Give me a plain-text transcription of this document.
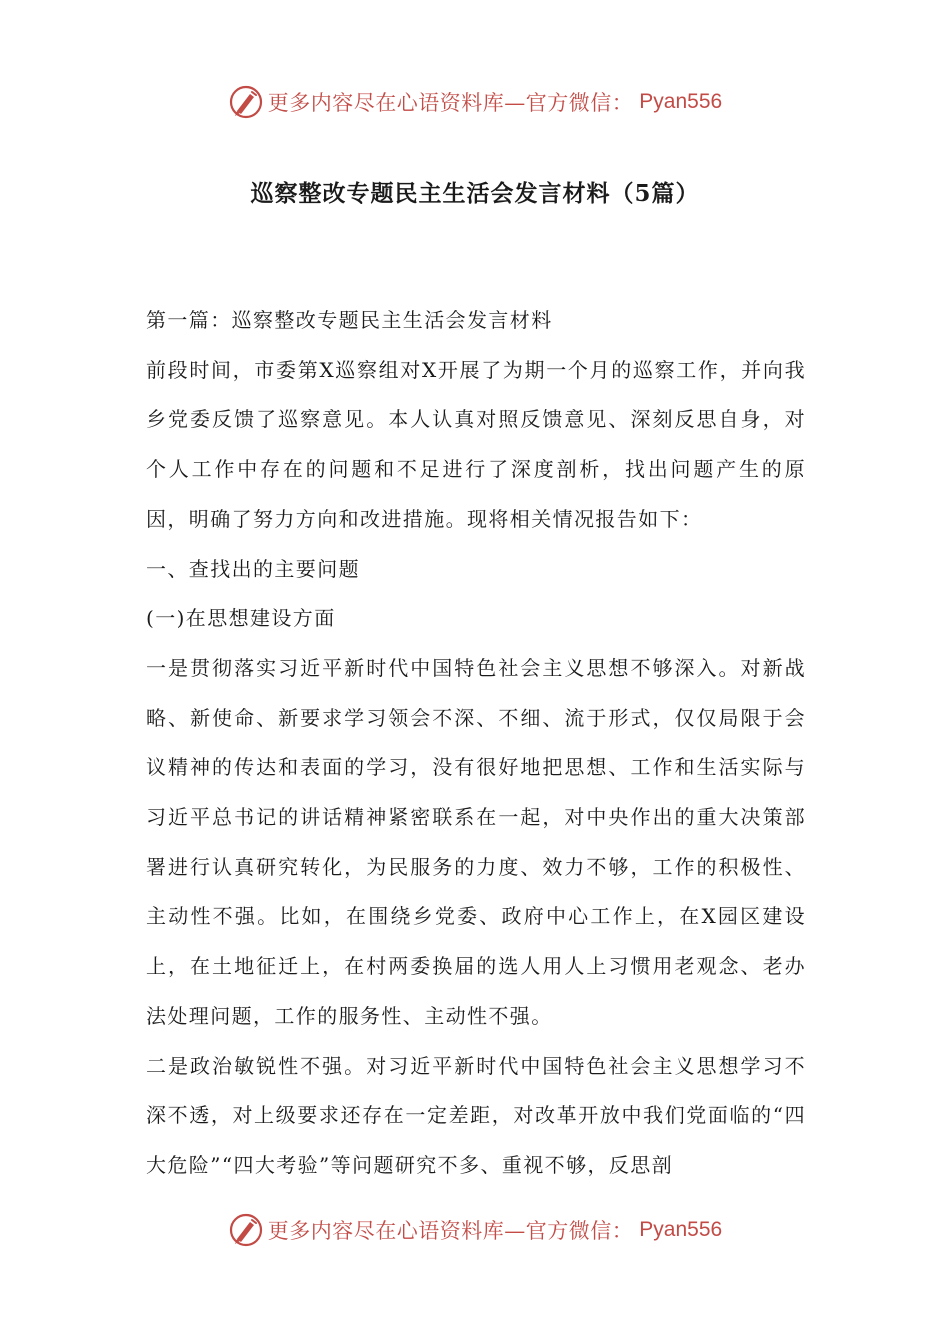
更多内容尽在心语资料库—官方微信： Pyan556
巡察整改专题民主生活会发言材料（5篇）

第一篇：巡察整改专题民主生活会发言材料

前段时间，市委第X巡察组对X开展了为期一个月的巡察工作，并向我乡党委反馈了巡察意见。本人认真对照反馈意见、深刻反思自身，对个人工作中存在的问题和不足进行了深度剖析，找出问题产生的原因，明确了努力方向和改进措施。现将相关情况报告如下：

一、查找出的主要问题

(一)在思想建设方面

一是贯彻落实习近平新时代中国特色社会主义思想不够深入。对新战略、新使命、新要求学习领会不深、不细、流于形式，仅仅局限于会议精神的传达和表面的学习，没有很好地把思想、工作和生活实际与习近平总书记的讲话精神紧密联系在一起，对中央作出的重大决策部署进行认真研究转化，为民服务的力度、效力不够，工作的积极性、主动性不强。比如，在围绕乡党委、政府中心工作上，在X园区建设上，在土地征迁上，在村两委换届的选人用人上习惯用老观念、老办法处理问题，工作的服务性、主动性不强。

二是政治敏锐性不强。对习近平新时代中国特色社会主义思想学习不深不透，对上级要求还存在一定差距，对改革开放中我们党面临的“四大危险”“四大考验”等问题研究不多、重视不够，反思剖

更多内容尽在心语资料库—官方微信： Pyan556
